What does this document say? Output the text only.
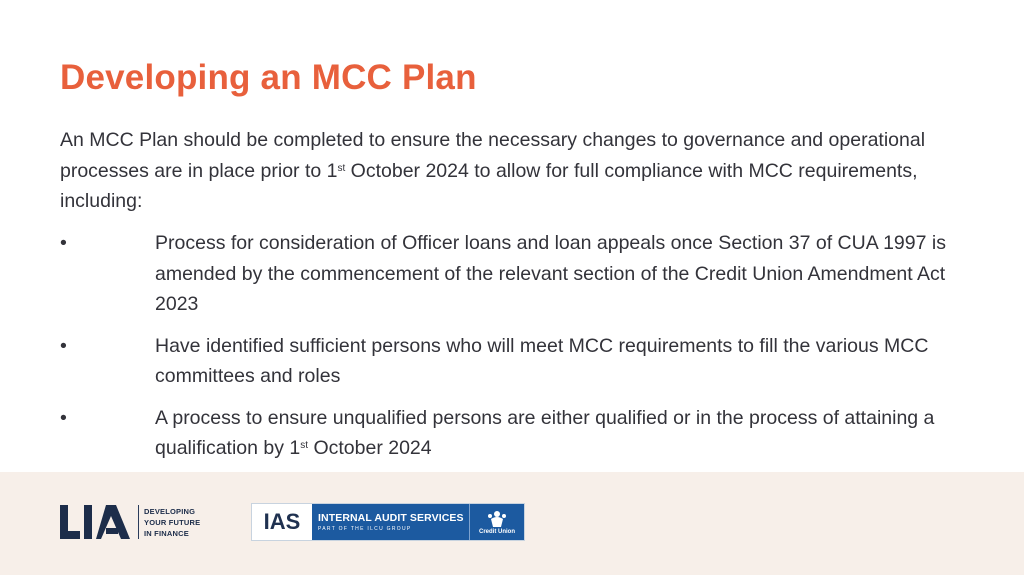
Developing an MCC Plan

An MCC Plan should be completed to ensure the necessary changes to governance and operational processes are in place prior to 1st October 2024 to allow for full compliance with MCC requirements, including:

•	Process for consideration of Officer loans and loan appeals once Section 37 of CUA 1997 is amended by the commencement of the relevant section of the Credit Union Amendment Act 2023
•	Have identified sufficient persons who will meet MCC requirements to fill the various MCC committees and roles
•	A process to ensure unqualified persons are either qualified or in the process of attaining a qualification by 1st October 2024
DEVELOPING
YOUR FUTURE
IN FINANCE	IAS	INTERNAL AUDIT SERVICES
PART OF THE ILCU GROUP	Credit Union
